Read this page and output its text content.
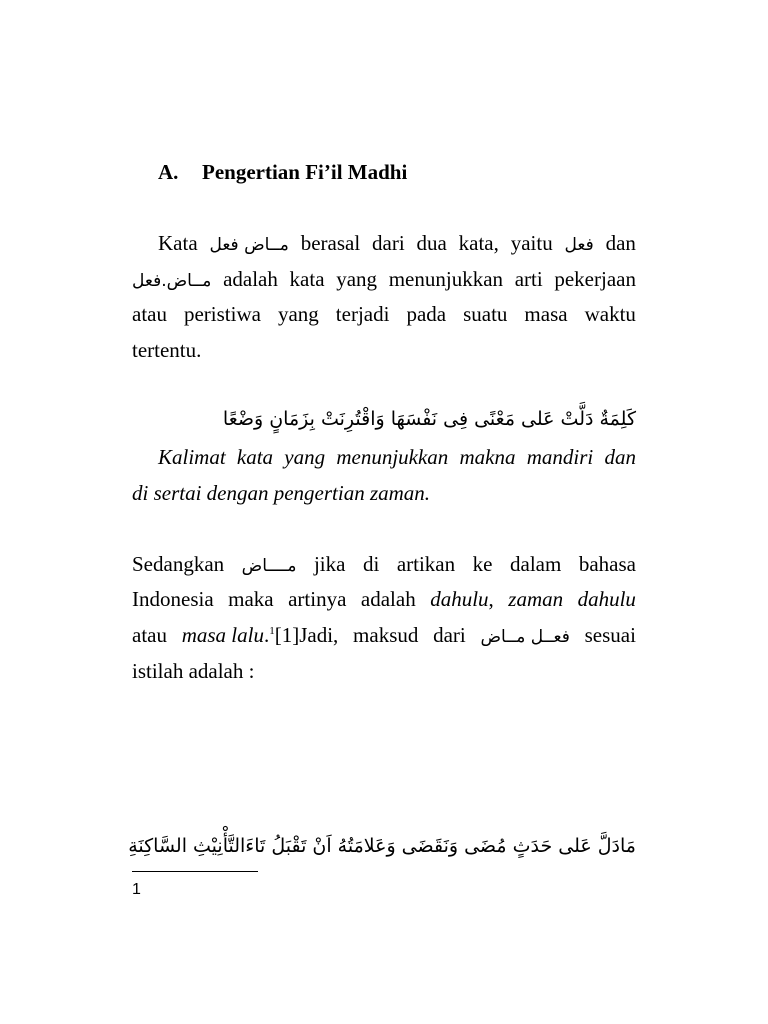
A. Pengertian Fi’il Madhi
Kata مــاض فعل berasal dari dua kata, yaitu فعل dan
مــاض.فعل adalah kata yang menunjukkan arti pekerjaan
atau peristiwa yang terjadi pada suatu masa waktu
tertentu.
كَلِمَةٌ دَلَّتْ عَلى مَعْنًى فِى نَفْسَهَا وَاقْتُرِنَتْ بِزَمَانٍ وَضْعًا
Kalimat kata yang menunjukkan makna mandiri dan
di sertai dengan pengertian zaman.
Sedangkan مــــاض jika di artikan ke dalam bahasa
Indonesia maka artinya adalah dahulu, zaman dahulu
atau masa lalu.$^1$[1]Jadi, maksud dari فعــل مــاض sesuai
istilah adalah :
مَادَلَّ عَلى حَدَثٍ مُضَى وَنَقَضَى وَعَلامَتُهُ اَنْ تَقْبَلُ تَاءَالتَّأْنِيْثِ السَّاكِنَةِ
1
